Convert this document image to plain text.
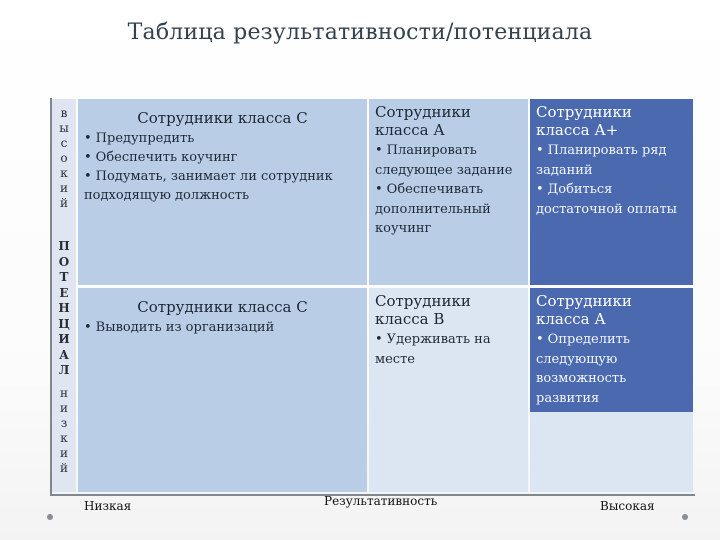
Таблица результативности/потенциала
в
ы
с
о
к
и
й
П
О
Т
Е
Н
Ц
И
А
Л
н
и
з
к
и
й
Сотрудники класса С
• Предупредить
• Обеспечить коучинг
• Подумать, занимает ли сотрудник подходящую должность
Сотрудники класса А
• Планировать следующее задание
• Обеспечивать дополнительный коучинг
Сотрудники класса А+
• Планировать ряд заданий
• Добиться достаточной оплаты
Сотрудники класса С
• Выводить из организаций
Сотрудники класса В
• Удерживать на месте
Сотрудники класса А
• Определить следующую возможность развития
Низкая	Результативность	Высокая
